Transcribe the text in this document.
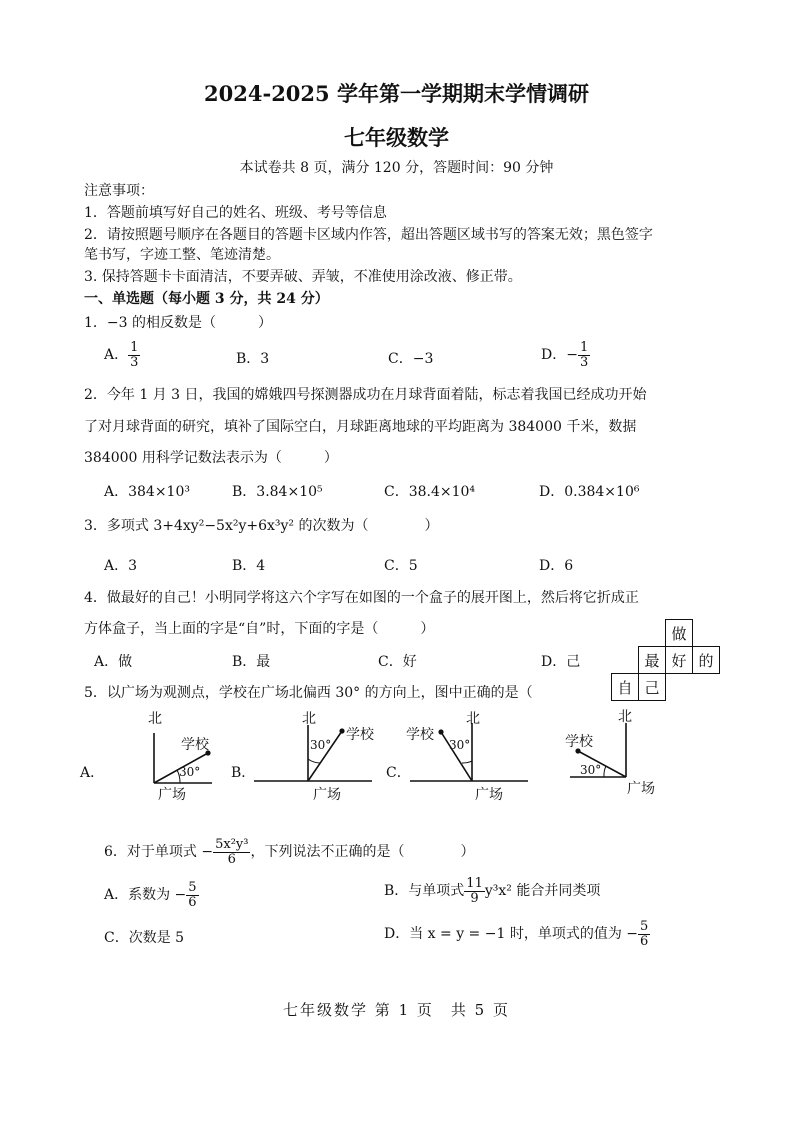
2024-2025 学年第一学期期末学情调研
七年级数学
本试卷共 8 页，满分 120 分，答题时间：90 分钟
注意事项：
1．答题前填写好自己的姓名、班级、考号等信息
2．请按照题号顺序在各题目的答题卡区域内作答，超出答题区域书写的答案无效；黑色签字
笔书写，字迹工整、笔迹清楚。
3. 保持答题卡卡面清洁，不要弄破、弄皱，不准使用涂改液、修正带。
一、单选题（每小题 3 分，共 24 分）
1．−3 的相反数是（　　　）
A． $\frac{1}{3}$	B．3	C．−3	D．− $\frac{1}{3}$
2．今年 1 月 3 日，我国的嫦娥四号探测器成功在月球背面着陆，标志着我国已经成功开始
了对月球背面的研究，填补了国际空白，月球距离地球的平均距离为 384000 千米，数据
384000 用科学记数法表示为（　　　）
A．384×10³	B．3.84×10⁵	C．38.4×10⁴	D．0.384×10⁶
3．多项式 3+4xy²−5x²y+6x³y² 的次数为（　　　　）
A．3	B．4	C．5	D．6
4．做最好的自己！小明同学将这六个字写在如图的一个盒子的展开图上，然后将它折成正
方体盒子，当上面的字是“自”时，下面的字是（　　　）
A．做	B．最	C．好	D．己
做
最 好 的
自 己
5．以广场为观测点，学校在广场北偏西 30° 的方向上，图中正确的是（
A．	B．	C．
北
学校
30°
广场
北
学校
30°
广场
北
学校
30°
广场
北
学校
30°
广场
6．对于单项式 − $\frac{\text{5x²y³}}{6}$ ，下列说法不正确的是（　　　　）
A．系数为 − $\frac{5}{6}$	B．与单项式 $\frac{11}{9} y^3x^2$ 能合并同类项
C．次数是 5	D．当 x = y = −1 时，单项式的值为 − $\frac{5}{6}$
七年级数学 第 1 页　共 5 页
